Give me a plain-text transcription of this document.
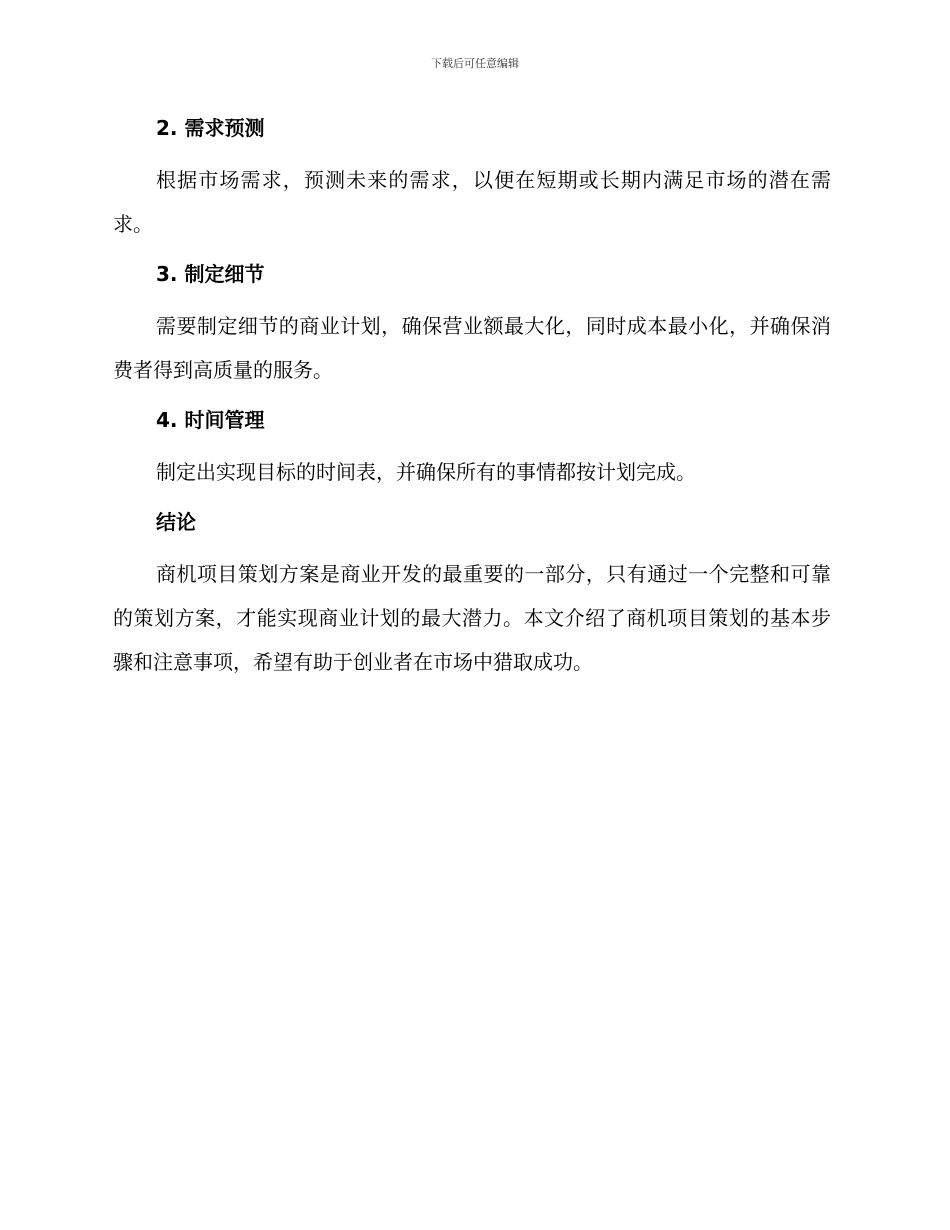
下载后可任意编辑
2. 需求预测

根据市场需求，预测未来的需求，以便在短期或长期内满足市场的潜在需求。

3. 制定细节

需要制定细节的商业计划，确保营业额最大化，同时成本最小化，并确保消费者得到高质量的服务。

4. 时间管理

制定出实现目标的时间表，并确保所有的事情都按计划完成。

结论

商机项目策划方案是商业开发的最重要的一部分，只有通过一个完整和可靠的策划方案，才能实现商业计划的最大潜力。本文介绍了商机项目策划的基本步骤和注意事项，希望有助于创业者在市场中猎取成功。
